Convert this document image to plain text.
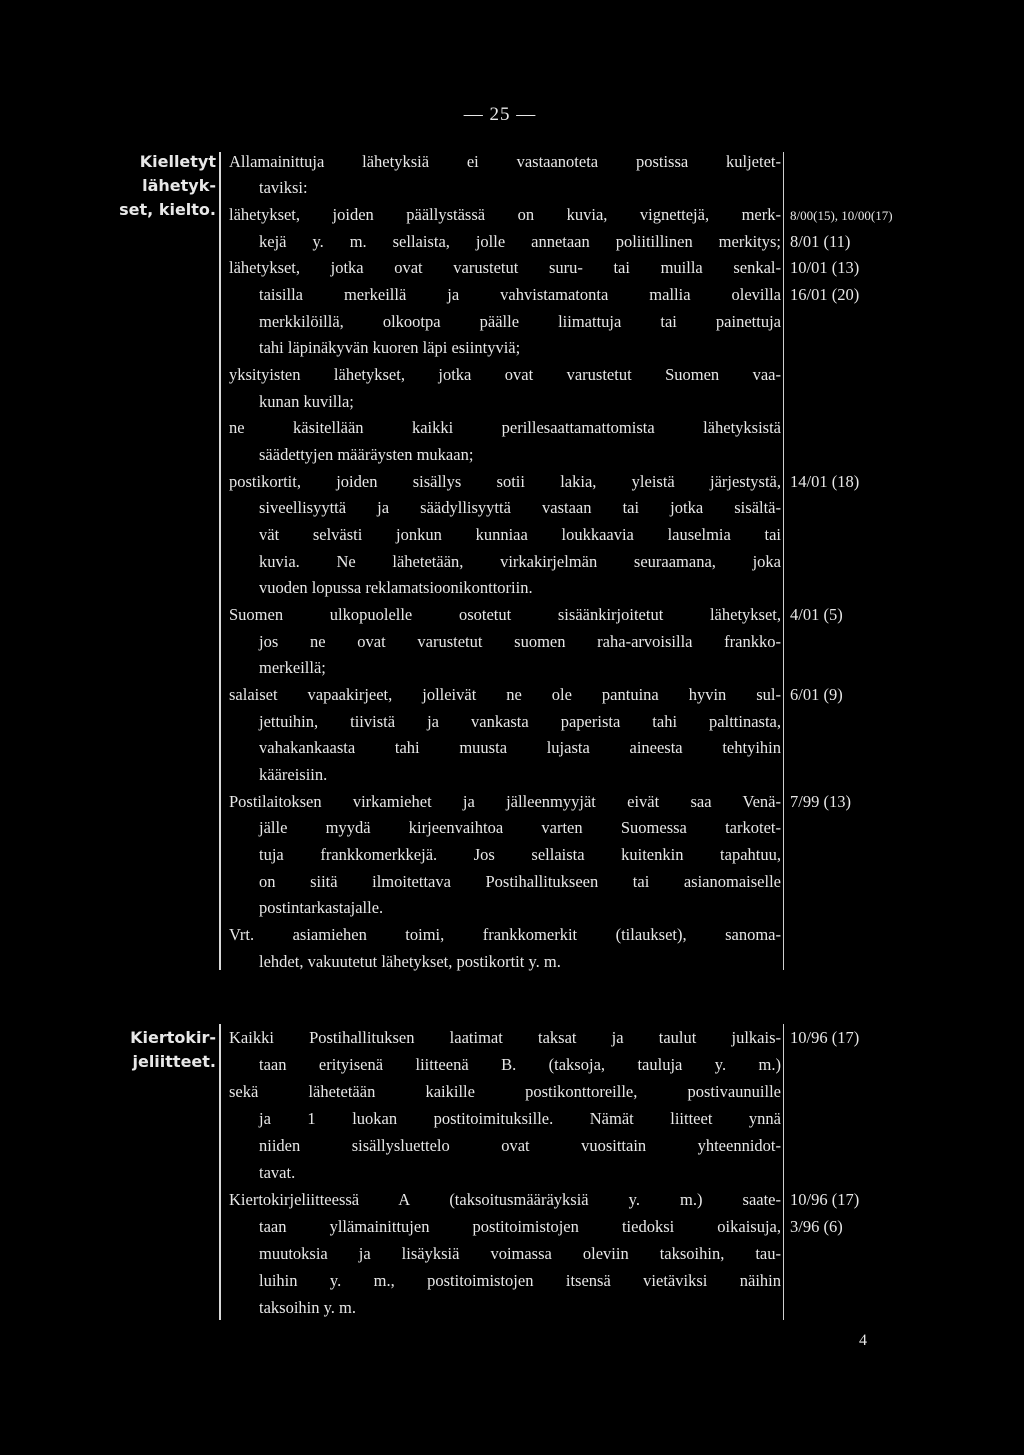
— 25 —
Kielletyt
lähetyk-
set, kielto.
Allamainittuja lähetyksiä ei vastaanoteta postissa kuljetet-
taviksi:
lähetykset, joiden päällystässä on kuvia, vignettejä, merk-
kejä y. m. sellaista, jolle annetaan poliitillinen merkitys;
lähetykset, jotka ovat varustetut suru- tai muilla senkal-
taisilla merkeillä ja vahvistamatonta mallia olevilla
merkkilöillä, olkootpa päälle liimattuja tai painettuja
tahi läpinäkyvän kuoren läpi esiintyviä;
yksityisten lähetykset, jotka ovat varustetut Suomen vaa-
kunan kuvilla;
ne käsitellään kaikki perillesaattamattomista lähetyksistä
säädettyjen määräysten mukaan;
postikortit, joiden sisällys sotii lakia, yleistä järjestystä,
siveellisyyttä ja säädyllisyyttä vastaan tai jotka sisältä-
vät selvästi jonkun kunniaa loukkaavia lauselmia tai
kuvia. Ne lähetetään, virkakirjelmän seuraamana, joka
vuoden lopussa reklamatsioonikonttoriin.
Suomen ulkopuolelle osotetut sisäänkirjoitetut lähetykset,
jos ne ovat varustetut suomen raha-arvoisilla frankko-
merkeillä;
salaiset vapaakirjeet, jolleivät ne ole pantuina hyvin sul-
jettuihin, tiivistä ja vankasta paperista tahi palttinasta,
vahakankaasta tahi muusta lujasta aineesta tehtyihin
kääreisiin.
Postilaitoksen virkamiehet ja jälleenmyyjät eivät saa Venä-
jälle myydä kirjeenvaihtoa varten Suomessa tarkotet-
tuja frankkomerkkejä. Jos sellaista kuitenkin tapahtuu,
on siitä ilmoitettava Postihallitukseen tai asianomaiselle
postintarkastajalle.
Vrt. asiamiehen toimi, frankkomerkit (tilaukset), sanoma-
lehdet, vakuutetut lähetykset, postikortit y. m.
8/00(15), 10/00(17)
8/01 (11)
10/01 (13)
16/01 (20)
14/01 (18)
4/01 (5)
6/01 (9)
7/99 (13)
Kiertokir-
jeliitteet.
Kaikki Postihallituksen laatimat taksat ja taulut julkais-
taan erityisenä liitteenä B. (taksoja, tauluja y. m.)
sekä lähetetään kaikille postikonttoreille, postivaunuille
ja 1 luokan postitoimituksille. Nämät liitteet ynnä
niiden sisällysluettelo ovat vuosittain yhteennidot-
tavat.
Kiertokirjeliitteessä A (taksoitusmääräyksiä y. m.) saate-
taan yllämainittujen postitoimistojen tiedoksi oikaisuja,
muutoksia ja lisäyksiä voimassa oleviin taksoihin, tau-
luihin y. m., postitoimistojen itsensä vietäviksi näihin
taksoihin y. m.
10/96 (17)
10/96 (17)
3/96 (6)
4
